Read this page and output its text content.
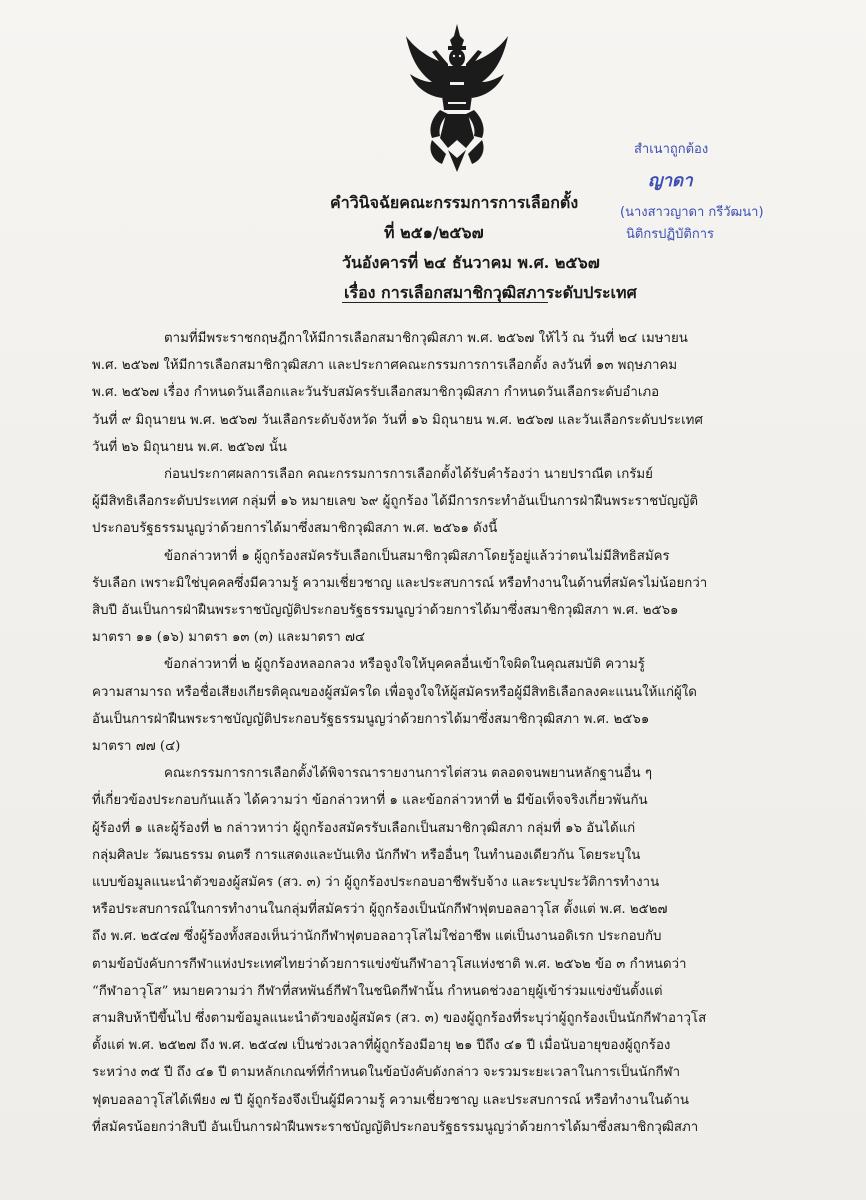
สำเนาถูกต้อง
ญาดา
(นางสาวญาดา กรีวัฒนา)
นิติกรปฏิบัติการ
คำวินิจฉัยคณะกรรมการการเลือกตั้ง
ที่ ๒๕๑/๒๕๖๗
วันอังคารที่ ๒๔ ธันวาคม พ.ศ. ๒๕๖๗
เรื่อง การเลือกสมาชิกวุฒิสภาระดับประเทศ

ตามที่มีพระราชกฤษฎีกาให้มีการเลือกสมาชิกวุฒิสภา พ.ศ. ๒๕๖๗ ให้ไว้ ณ วันที่ ๒๔ เมษายน
พ.ศ. ๒๕๖๗ ให้มีการเลือกสมาชิกวุฒิสภา และประกาศคณะกรรมการการเลือกตั้ง ลงวันที่ ๑๓ พฤษภาคม
พ.ศ. ๒๕๖๗ เรื่อง กำหนดวันเลือกและวันรับสมัครรับเลือกสมาชิกวุฒิสภา กำหนดวันเลือกระดับอำเภอ
วันที่ ๙ มิถุนายน พ.ศ. ๒๕๖๗ วันเลือกระดับจังหวัด วันที่ ๑๖ มิถุนายน พ.ศ. ๒๕๖๗ และวันเลือกระดับประเทศ
วันที่ ๒๖ มิถุนายน พ.ศ. ๒๕๖๗ นั้น

ก่อนประกาศผลการเลือก คณะกรรมการการเลือกตั้งได้รับคำร้องว่า นายปราณีต เกรัมย์
ผู้มีสิทธิเลือกระดับประเทศ กลุ่มที่ ๑๖ หมายเลข ๖๙ ผู้ถูกร้อง ได้มีการกระทำอันเป็นการฝ่าฝืนพระราชบัญญัติ
ประกอบรัฐธรรมนูญว่าด้วยการได้มาซึ่งสมาชิกวุฒิสภา พ.ศ. ๒๕๖๑ ดังนี้

ข้อกล่าวหาที่ ๑ ผู้ถูกร้องสมัครรับเลือกเป็นสมาชิกวุฒิสภาโดยรู้อยู่แล้วว่าตนไม่มีสิทธิสมัคร
รับเลือก เพราะมิใช่บุคคลซึ่งมีความรู้ ความเชี่ยวชาญ และประสบการณ์ หรือทำงานในด้านที่สมัครไม่น้อยกว่า
สิบปี อันเป็นการฝ่าฝืนพระราชบัญญัติประกอบรัฐธรรมนูญว่าด้วยการได้มาซึ่งสมาชิกวุฒิสภา พ.ศ. ๒๕๖๑
มาตรา ๑๑ (๑๖) มาตรา ๑๓ (๓) และมาตรา ๗๔

ข้อกล่าวหาที่ ๒ ผู้ถูกร้องหลอกลวง หรือจูงใจให้บุคคลอื่นเข้าใจผิดในคุณสมบัติ ความรู้
ความสามารถ หรือชื่อเสียงเกียรติคุณของผู้สมัครใด เพื่อจูงใจให้ผู้สมัครหรือผู้มีสิทธิเลือกลงคะแนนให้แก่ผู้ใด
อันเป็นการฝ่าฝืนพระราชบัญญัติประกอบรัฐธรรมนูญว่าด้วยการได้มาซึ่งสมาชิกวุฒิสภา พ.ศ. ๒๕๖๑
มาตรา ๗๗ (๔)

คณะกรรมการการเลือกตั้งได้พิจารณารายงานการไต่สวน ตลอดจนพยานหลักฐานอื่น ๆ
ที่เกี่ยวข้องประกอบกันแล้ว ได้ความว่า ข้อกล่าวหาที่ ๑ และข้อกล่าวหาที่ ๒ มีข้อเท็จจริงเกี่ยวพันกัน
ผู้ร้องที่ ๑ และผู้ร้องที่ ๒ กล่าวหาว่า ผู้ถูกร้องสมัครรับเลือกเป็นสมาชิกวุฒิสภา กลุ่มที่ ๑๖ อันได้แก่
กลุ่มศิลปะ วัฒนธรรม ดนตรี การแสดงและบันเทิง นักกีฬา หรืออื่นๆ ในทำนองเดียวกัน โดยระบุใน
แบบข้อมูลแนะนำตัวของผู้สมัคร (สว. ๓) ว่า ผู้ถูกร้องประกอบอาชีพรับจ้าง และระบุประวัติการทำงาน
หรือประสบการณ์ในการทำงานในกลุ่มที่สมัครว่า ผู้ถูกร้องเป็นนักกีฬาฟุตบอลอาวุโส ตั้งแต่ พ.ศ. ๒๕๒๗
ถึง พ.ศ. ๒๕๔๗ ซึ่งผู้ร้องทั้งสองเห็นว่านักกีฬาฟุตบอลอาวุโสไม่ใช่อาชีพ แต่เป็นงานอดิเรก ประกอบกับ
ตามข้อบังคับการกีฬาแห่งประเทศไทยว่าด้วยการแข่งขันกีฬาอาวุโสแห่งชาติ พ.ศ. ๒๕๖๒ ข้อ ๓ กำหนดว่า
“กีฬาอาวุโส” หมายความว่า กีฬาที่สหพันธ์กีฬาในชนิดกีฬานั้น กำหนดช่วงอายุผู้เข้าร่วมแข่งขันตั้งแต่
สามสิบห้าปีขึ้นไป ซึ่งตามข้อมูลแนะนำตัวของผู้สมัคร (สว. ๓) ของผู้ถูกร้องที่ระบุว่าผู้ถูกร้องเป็นนักกีฬาอาวุโส
ตั้งแต่ พ.ศ. ๒๕๒๗ ถึง พ.ศ. ๒๕๔๗ เป็นช่วงเวลาที่ผู้ถูกร้องมีอายุ ๒๑ ปีถึง ๔๑ ปี เมื่อนับอายุของผู้ถูกร้อง
ระหว่าง ๓๕ ปี ถึง ๔๑ ปี ตามหลักเกณฑ์ที่กำหนดในข้อบังคับดังกล่าว จะรวมระยะเวลาในการเป็นนักกีฬา
ฟุตบอลอาวุโสได้เพียง ๗ ปี ผู้ถูกร้องจึงเป็นผู้มีความรู้ ความเชี่ยวชาญ และประสบการณ์ หรือทำงานในด้าน
ที่สมัครน้อยกว่าสิบปี อันเป็นการฝ่าฝืนพระราชบัญญัติประกอบรัฐธรรมนูญว่าด้วยการได้มาซึ่งสมาชิกวุฒิสภา
